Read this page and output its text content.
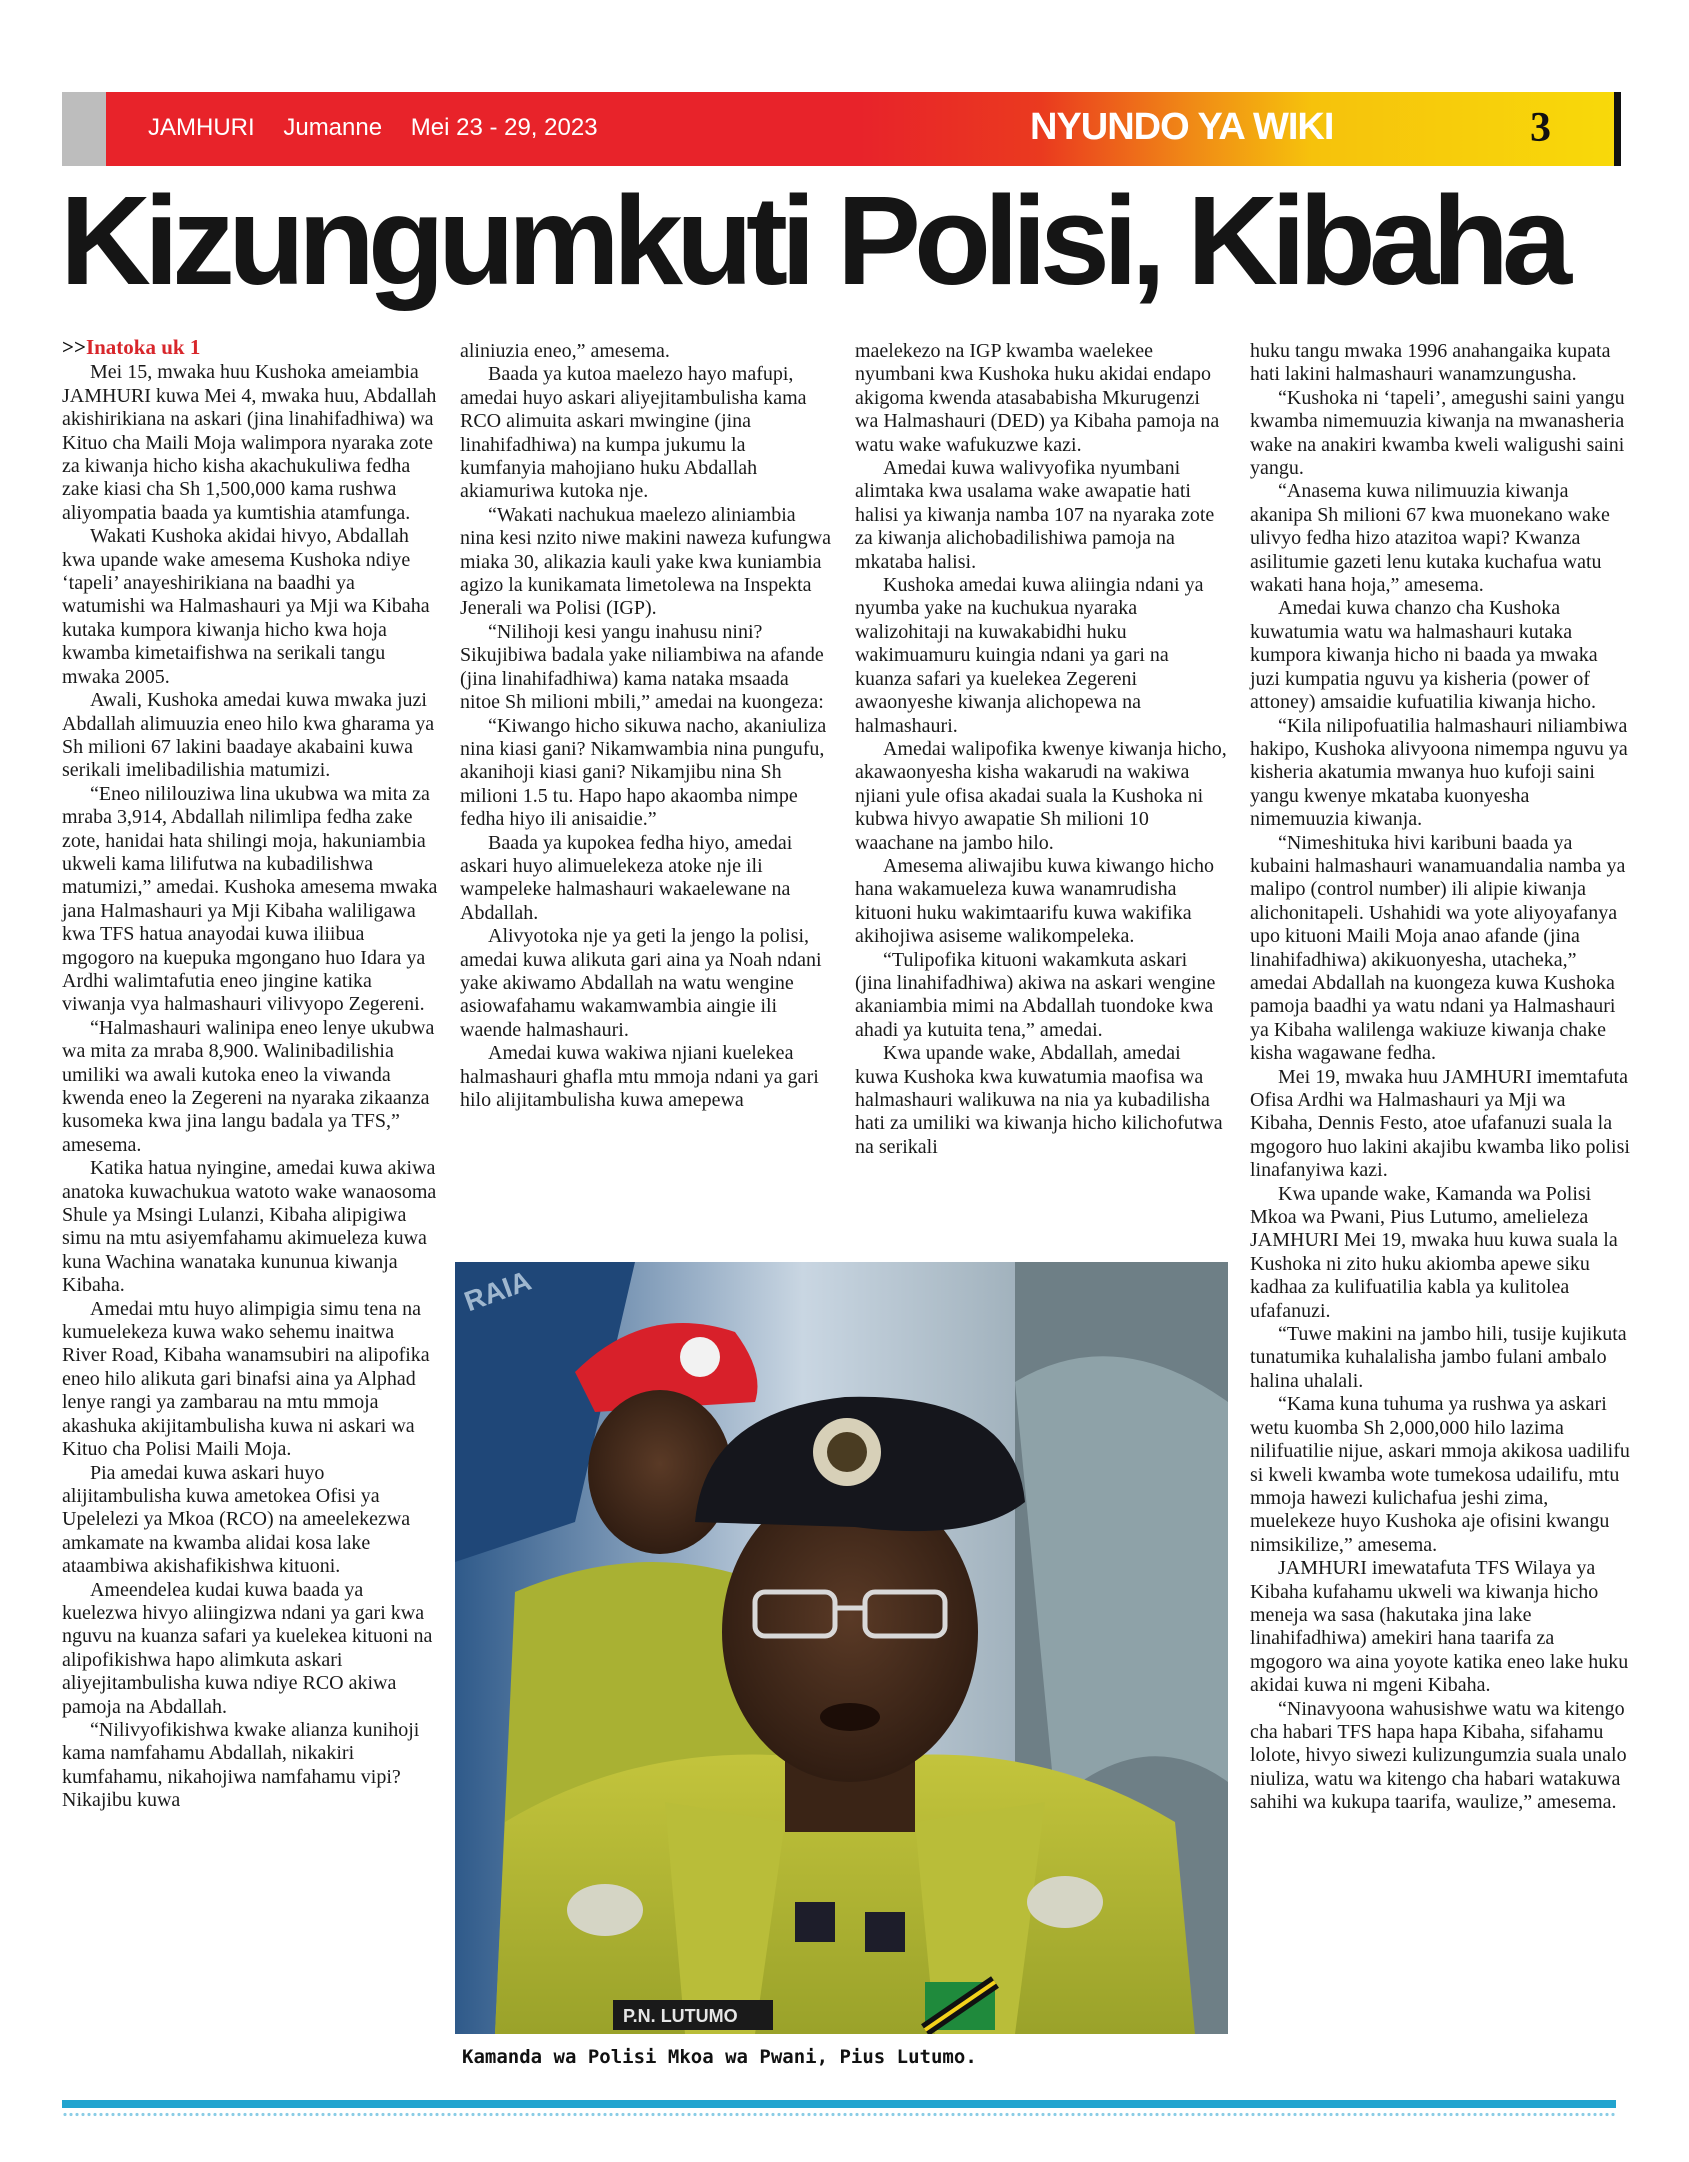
JAMHURI Jumanne Mei 23 - 29, 2023	NYUNDO YA WIKI	3
Kizungumkuti Polisi, Kibaha
>>Inatoka uk 1

Mei 15, mwaka huu Kushoka ameiambia JAMHURI kuwa Mei 4, mwaka huu, Abdallah akishirikiana na askari (jina linahifadhiwa) wa Kituo cha Maili Moja walimpora nyaraka zote za kiwanja hicho kisha akachukuliwa fedha zake kiasi cha Sh 1,500,000 kama rushwa aliyompatia baada ya kumtishia atamfunga.

Wakati Kushoka akidai hivyo, Abdallah kwa upande wake amesema Kushoka ndiye ‘tapeli’ anayeshirikiana na baadhi ya watumishi wa Halmashauri ya Mji wa Kibaha kutaka kumpora kiwanja hicho kwa hoja kwamba kimetaifishwa na serikali tangu mwaka 2005.

Awali, Kushoka amedai kuwa mwaka juzi Abdallah alimuuzia eneo hilo kwa gharama ya Sh milioni 67 lakini baadaye akabaini kuwa serikali imelibadilishia matumizi.

“Eneo nililouziwa lina ukubwa wa mita za mraba 3,914, Abdallah nilimlipa fedha zake zote, hanidai hata shilingi moja, hakuniambia ukweli kama lilifutwa na kubadilishwa matumizi,” amedai. Kushoka amesema mwaka jana Halmashauri ya Mji Kibaha waliligawa kwa TFS hatua anayodai kuwa iliibua mgogoro na kuepuka mgongano huo Idara ya Ardhi walimtafutia eneo jingine katika viwanja vya halmashauri vilivyopo Zegereni.

“Halmashauri walinipa eneo lenye ukubwa wa mita za mraba 8,900. Walinibadilishia umiliki wa awali kutoka eneo la viwanda kwenda eneo la Zegereni na nyaraka zikaanza kusomeka kwa jina langu badala ya TFS,” amesema.

Katika hatua nyingine, amedai kuwa akiwa anatoka kuwachukua watoto wake wanaosoma Shule ya Msingi Lulanzi, Kibaha alipigiwa simu na mtu asiyemfahamu akimueleza kuwa kuna Wachina wanataka kununua kiwanja Kibaha.

Amedai mtu huyo alimpigia simu tena na kumuelekeza kuwa wako sehemu inaitwa River Road, Kibaha wanamsubiri na alipofika eneo hilo alikuta gari binafsi aina ya Alphad lenye rangi ya zambarau na mtu mmoja akashuka akijitambulisha kuwa ni askari wa Kituo cha Polisi Maili Moja.

Pia amedai kuwa askari huyo alijitambulisha kuwa ametokea Ofisi ya Upelelezi ya Mkoa (RCO) na ameelekezwa amkamate na kwamba alidai kosa lake ataambiwa akishafikishwa kituoni.

Ameendelea kudai kuwa baada ya kuelezwa hivyo aliingizwa ndani ya gari kwa nguvu na kuanza safari ya kuelekea kituoni na alipofikishwa hapo alimkuta askari aliyejitambulisha kuwa ndiye RCO akiwa pamoja na Abdallah.

“Nilivyofikishwa kwake alianza kunihoji kama namfahamu Abdallah, nikakiri kumfahamu, nikahojiwa namfahamu vipi? Nikajibu kuwa

aliniuzia eneo,” amesema.

Baada ya kutoa maelezo hayo mafupi, amedai huyo askari aliyejitambulisha kama RCO alimuita askari mwingine (jina linahifadhiwa) na kumpa jukumu la kumfanyia mahojiano huku Abdallah akiamuriwa kutoka nje.

“Wakati nachukua maelezo aliniambia nina kesi nzito niwe makini naweza kufungwa miaka 30, alikazia kauli yake kwa kuniambia agizo la kunikamata limetolewa na Inspekta Jenerali wa Polisi (IGP).

“Nilihoji kesi yangu inahusu nini? Sikujibiwa badala yake niliambiwa na afande (jina linahifadhiwa) kama nataka msaada nitoe Sh milioni mbili,” amedai na kuongeza:

“Kiwango hicho sikuwa nacho, akaniuliza nina kiasi gani? Nikamwambia nina pungufu, akanihoji kiasi gani? Nikamjibu nina Sh milioni 1.5 tu. Hapo hapo akaomba nimpe fedha hiyo ili anisaidie.”

Baada ya kupokea fedha hiyo, amedai askari huyo alimuelekeza atoke nje ili wampeleke halmashauri wakaelewane na Abdallah.

Alivyotoka nje ya geti la jengo la polisi, amedai kuwa alikuta gari aina ya Noah ndani yake akiwamo Abdallah na watu wengine asiowafahamu wakamwambia aingie ili waende halmashauri.

Amedai kuwa wakiwa njiani kuelekea halmashauri ghafla mtu mmoja ndani ya gari hilo alijitambulisha kuwa amepewa

maelekezo na IGP kwamba waelekee nyumbani kwa Kushoka huku akidai endapo akigoma kwenda atasababisha Mkurugenzi wa Halmashauri (DED) ya Kibaha pamoja na watu wake wafukuzwe kazi.

Amedai kuwa walivyofika nyumbani alimtaka kwa usalama wake awapatie hati halisi ya kiwanja namba 107 na nyaraka zote za kiwanja alichobadilishiwa pamoja na mkataba halisi.

Kushoka amedai kuwa aliingia ndani ya nyumba yake na kuchukua nyaraka walizohitaji na kuwakabidhi huku wakimuamuru kuingia ndani ya gari na kuanza safari ya kuelekea Zegereni awaonyeshe kiwanja alichopewa na halmashauri.

Amedai walipofika kwenye kiwanja hicho, akawaonyesha kisha wakarudi na wakiwa njiani yule ofisa akadai suala la Kushoka ni kubwa hivyo awapatie Sh milioni 10 waachane na jambo hilo.

Amesema aliwajibu kuwa kiwango hicho hana wakamueleza kuwa wanamrudisha kituoni huku wakimtaarifu kuwa wakifika akihojiwa asiseme walikompeleka.

“Tulipofika kituoni wakamkuta askari (jina linahifadhiwa) akiwa na askari wengine akaniambia mimi na Abdallah tuondoke kwa ahadi ya kutuita tena,” amedai.

Kwa upande wake, Abdallah, amedai kuwa Kushoka kwa kuwatumia maofisa wa halmashauri walikuwa na nia ya kubadilisha hati za umiliki wa kiwanja hicho kilichofutwa na serikali

huku tangu mwaka 1996 anahangaika kupata hati lakini halmashauri wanamzungusha.

“Kushoka ni ‘tapeli’, amegushi saini yangu kwamba nimemuuzia kiwanja na mwanasheria wake na anakiri kwamba kweli waligushi saini yangu.

“Anasema kuwa nilimuuzia kiwanja akanipa Sh milioni 67 kwa muonekano wake ulivyo fedha hizo atazitoa wapi? Kwanza asilitumie gazeti lenu kutaka kuchafua watu wakati hana hoja,” amesema.

Amedai kuwa chanzo cha Kushoka kuwatumia watu wa halmashauri kutaka kumpora kiwanja hicho ni baada ya mwaka juzi kumpatia nguvu ya kisheria (power of attoney) amsaidie kufuatilia kiwanja hicho.

“Kila nilipofuatilia halmashauri niliambiwa hakipo, Kushoka alivyoona nimempa nguvu ya kisheria akatumia mwanya huo kufoji saini yangu kwenye mkataba kuonyesha nimemuuzia kiwanja.

“Nimeshituka hivi karibuni baada ya kubaini halmashauri wanamuandalia namba ya malipo (control number) ili alipie kiwanja alichonitapeli. Ushahidi wa yote aliyoyafanya upo kituoni Maili Moja anao afande (jina linahifadhiwa) akikuonyesha, utacheka,” amedai Abdallah na kuongeza kuwa Kushoka pamoja baadhi ya watu ndani ya Halmashauri ya Kibaha walilenga wakiuze kiwanja chake kisha wagawane fedha.

Mei 19, mwaka huu JAMHURI imemtafuta Ofisa Ardhi wa Halmashauri ya Mji wa Kibaha, Dennis Festo, atoe ufafanuzi suala la mgogoro huo lakini akajibu kwamba liko polisi linafanyiwa kazi.

Kwa upande wake, Kamanda wa Polisi Mkoa wa Pwani, Pius Lutumo, amelieleza JAMHURI Mei 19, mwaka huu kuwa suala la Kushoka ni zito huku akiomba apewe siku kadhaa za kulifuatilia kabla ya kulitolea ufafanuzi.

“Tuwe makini na jambo hili, tusije kujikuta tunatumika kuhalalisha jambo fulani ambalo halina uhalali.

“Kama kuna tuhuma ya rushwa ya askari wetu kuomba Sh 2,000,000 hilo lazima nilifuatilie nijue, askari mmoja akikosa uadilifu si kweli kwamba wote tumekosa udailifu, mtu mmoja hawezi kulichafua jeshi zima, muelekeze huyo Kushoka aje ofisini kwangu nimsikilize,” amesema.

JAMHURI imewatafuta TFS Wilaya ya Kibaha kufahamu ukweli wa kiwanja hicho meneja wa sasa (hakutaka jina lake linahifadhiwa) amekiri hana taarifa za mgogoro wa aina yoyote katika eneo lake huku akidai kuwa ni mgeni Kibaha.

“Ninavyoona wahusishwe watu wa kitengo cha habari TFS hapa hapa Kibaha, sifahamu lolote, hivyo siwezi kulizungumzia suala unalo niuliza, watu wa kitengo cha habari watakuwa sahihi wa kukupa taarifa, waulize,” amesema.

RAIA
P.N. LUTUMO
Kamanda wa Polisi Mkoa wa Pwani, Pius Lutumo.
